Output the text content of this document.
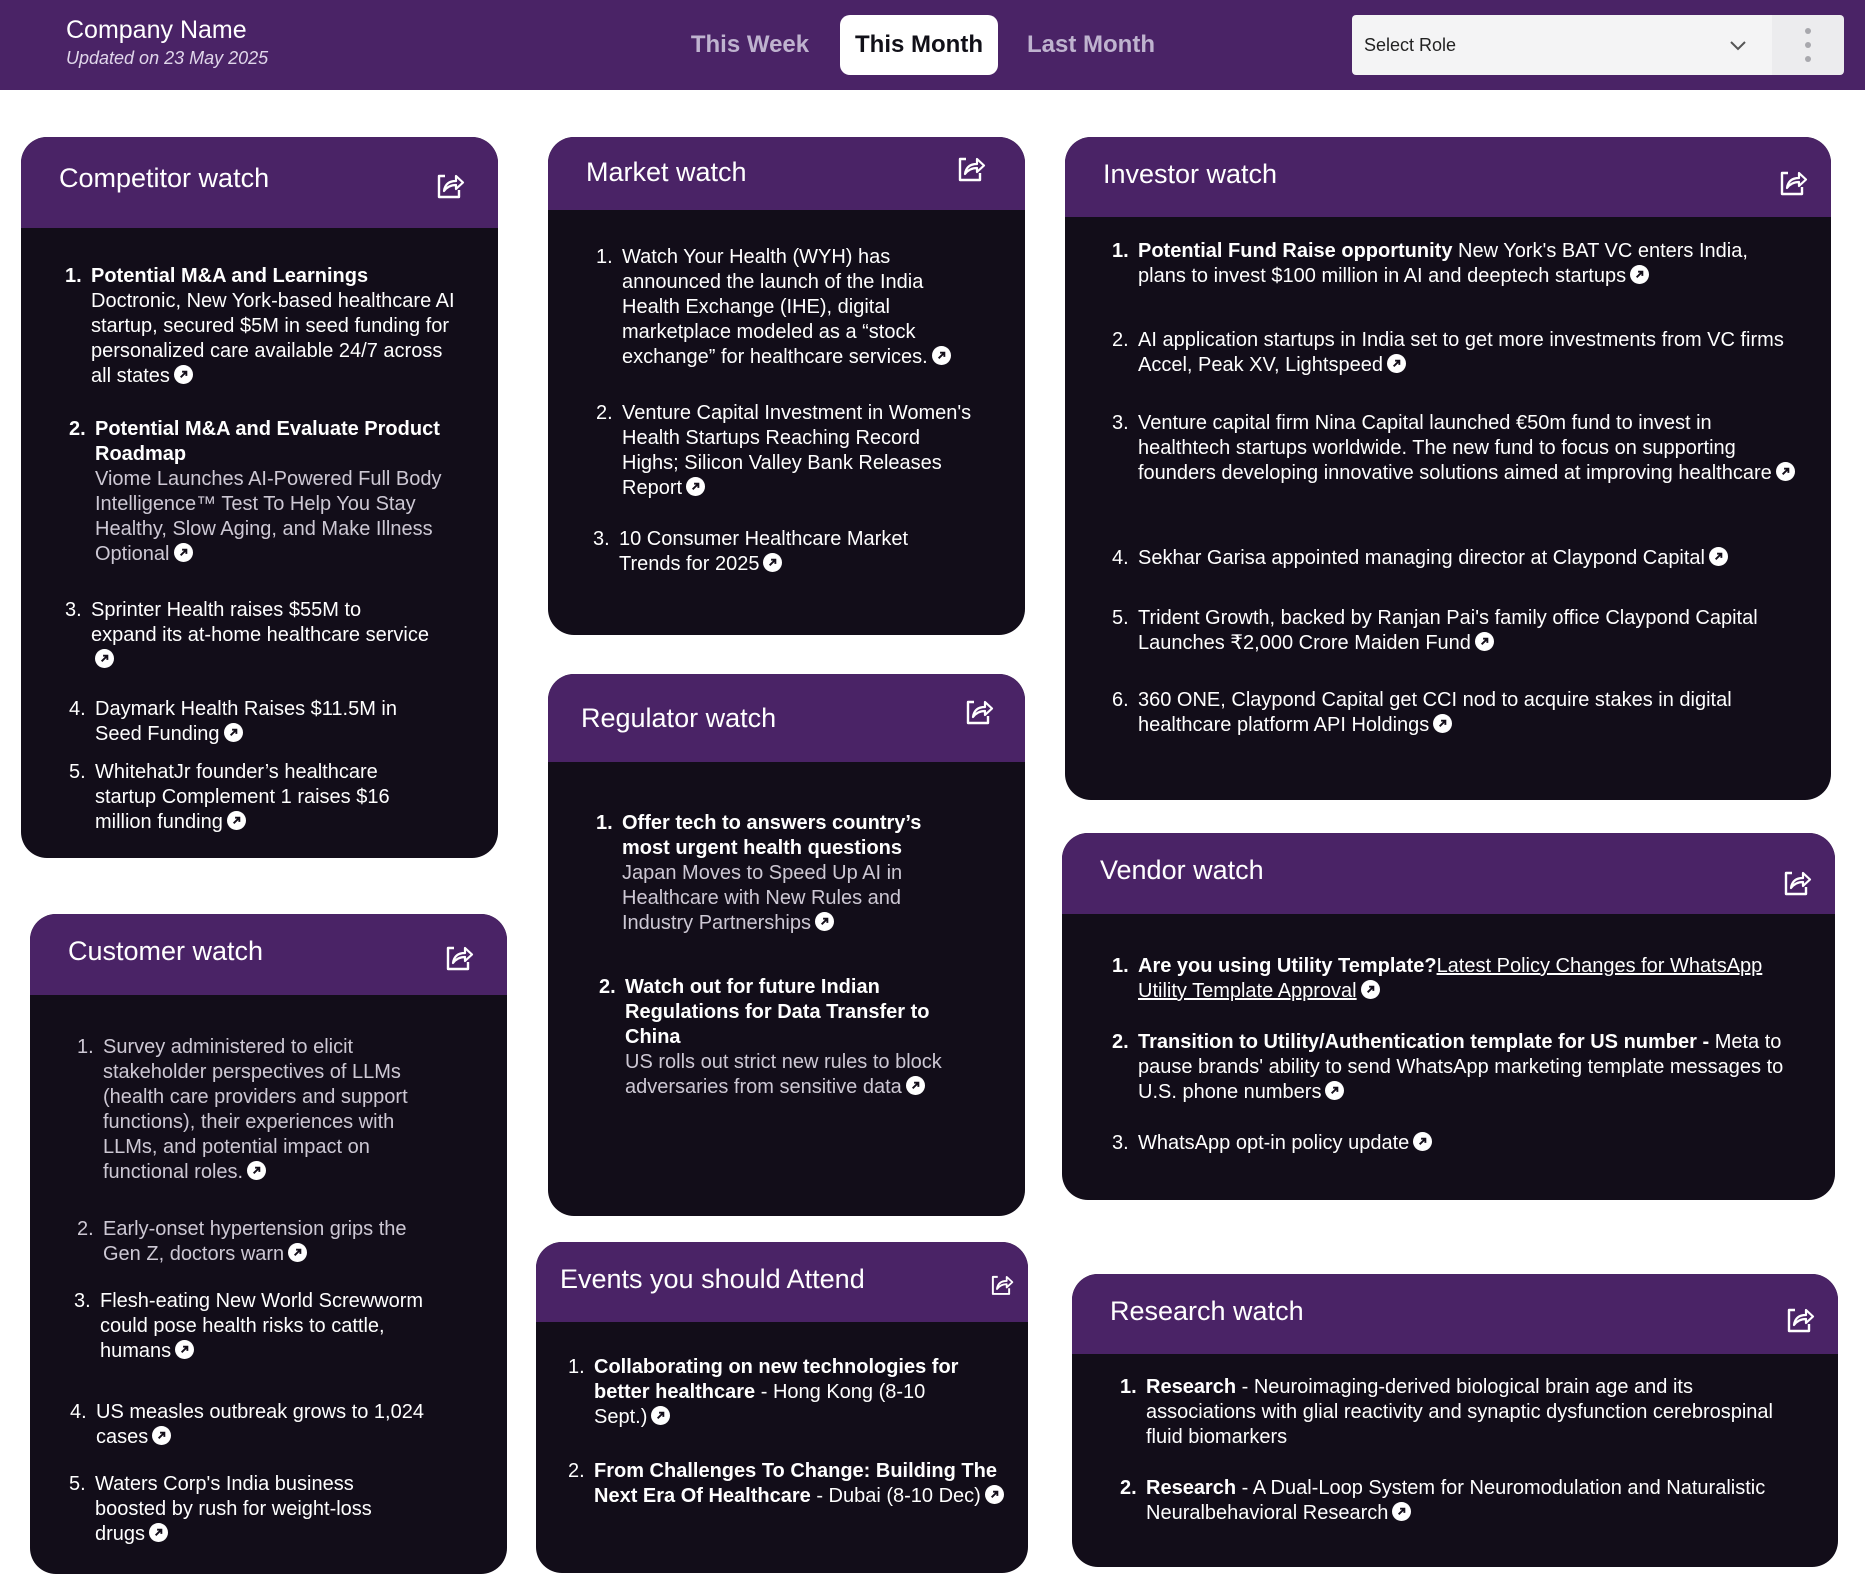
Company Name
Updated on 23 May 2025	This Week	This Month	Last Month	Select Role
Competitor watch
1. Potential M&A and Learnings
Doctronic, New York-based healthcare AI startup, secured $5M in seed funding for personalized care available 24/7 across all states
2. Potential M&A and Evaluate Product Roadmap
Viome Launches AI-Powered Full Body Intelligence™ Test To Help You Stay Healthy, Slow Aging, and Make Illness Optional
3. Sprinter Health raises $55M to expand its at-home healthcare service
4. Daymark Health Raises $11.5M in Seed Funding
5. WhitehatJr founder’s healthcare startup Complement 1 raises $16 million funding
Customer watch
1. Survey administered to elicit stakeholder perspectives of LLMs (health care providers and support functions), their experiences with LLMs, and potential impact on functional roles.
2. Early-onset hypertension grips the Gen Z, doctors warn
3. Flesh-eating New World Screwworm could pose health risks to cattle, humans
4. US measles outbreak grows to 1,024 cases
5. Waters Corp's India business boosted by rush for weight-loss drugs
Market watch
1. Watch Your Health (WYH) has announced the launch of the India Health Exchange (IHE), digital marketplace modeled as a “stock exchange” for healthcare services.
2. Venture Capital Investment in Women's Health Startups Reaching Record Highs; Silicon Valley Bank Releases Report
3. 10 Consumer Healthcare Market Trends for 2025
Regulator watch
1. Offer tech to answers country’s most urgent health questions
Japan Moves to Speed Up AI in Healthcare with New Rules and Industry Partnerships
2. Watch out for future Indian Regulations for Data Transfer to China
US rolls out strict new rules to block adversaries from sensitive data
Events you should Attend
1. Collaborating on new technologies for better healthcare - Hong Kong (8-10 Sept.)
2. From Challenges To Change: Building The Next Era Of Healthcare - Dubai (8-10 Dec)
Investor watch
1. Potential Fund Raise opportunity New York's BAT VC enters India, plans to invest $100 million in AI and deeptech startups
2. AI application startups in India set to get more investments from VC firms Accel, Peak XV, Lightspeed
3. Venture capital firm Nina Capital launched €50m fund to invest in healthtech startups worldwide. The new fund to focus on supporting founders developing innovative solutions aimed at improving healthcare
4. Sekhar Garisa appointed managing director at Claypond Capital
5. Trident Growth, backed by Ranjan Pai's family office Claypond Capital Launches ₹2,000 Crore Maiden Fund
6. 360 ONE, Claypond Capital get CCI nod to acquire stakes in digital healthcare platform API Holdings
Vendor watch
1. Are you using Utility Template?Latest Policy Changes for WhatsApp Utility Template Approval
2. Transition to Utility/Authentication template for US number - Meta to pause brands' ability to send WhatsApp marketing template messages to U.S. phone numbers
3. WhatsApp opt-in policy update
Research watch
1. Research - Neuroimaging-derived biological brain age and its associations with glial reactivity and synaptic dysfunction cerebrospinal fluid biomarkers
2. Research - A Dual-Loop System for Neuromodulation and Naturalistic Neuralbehavioral Research
